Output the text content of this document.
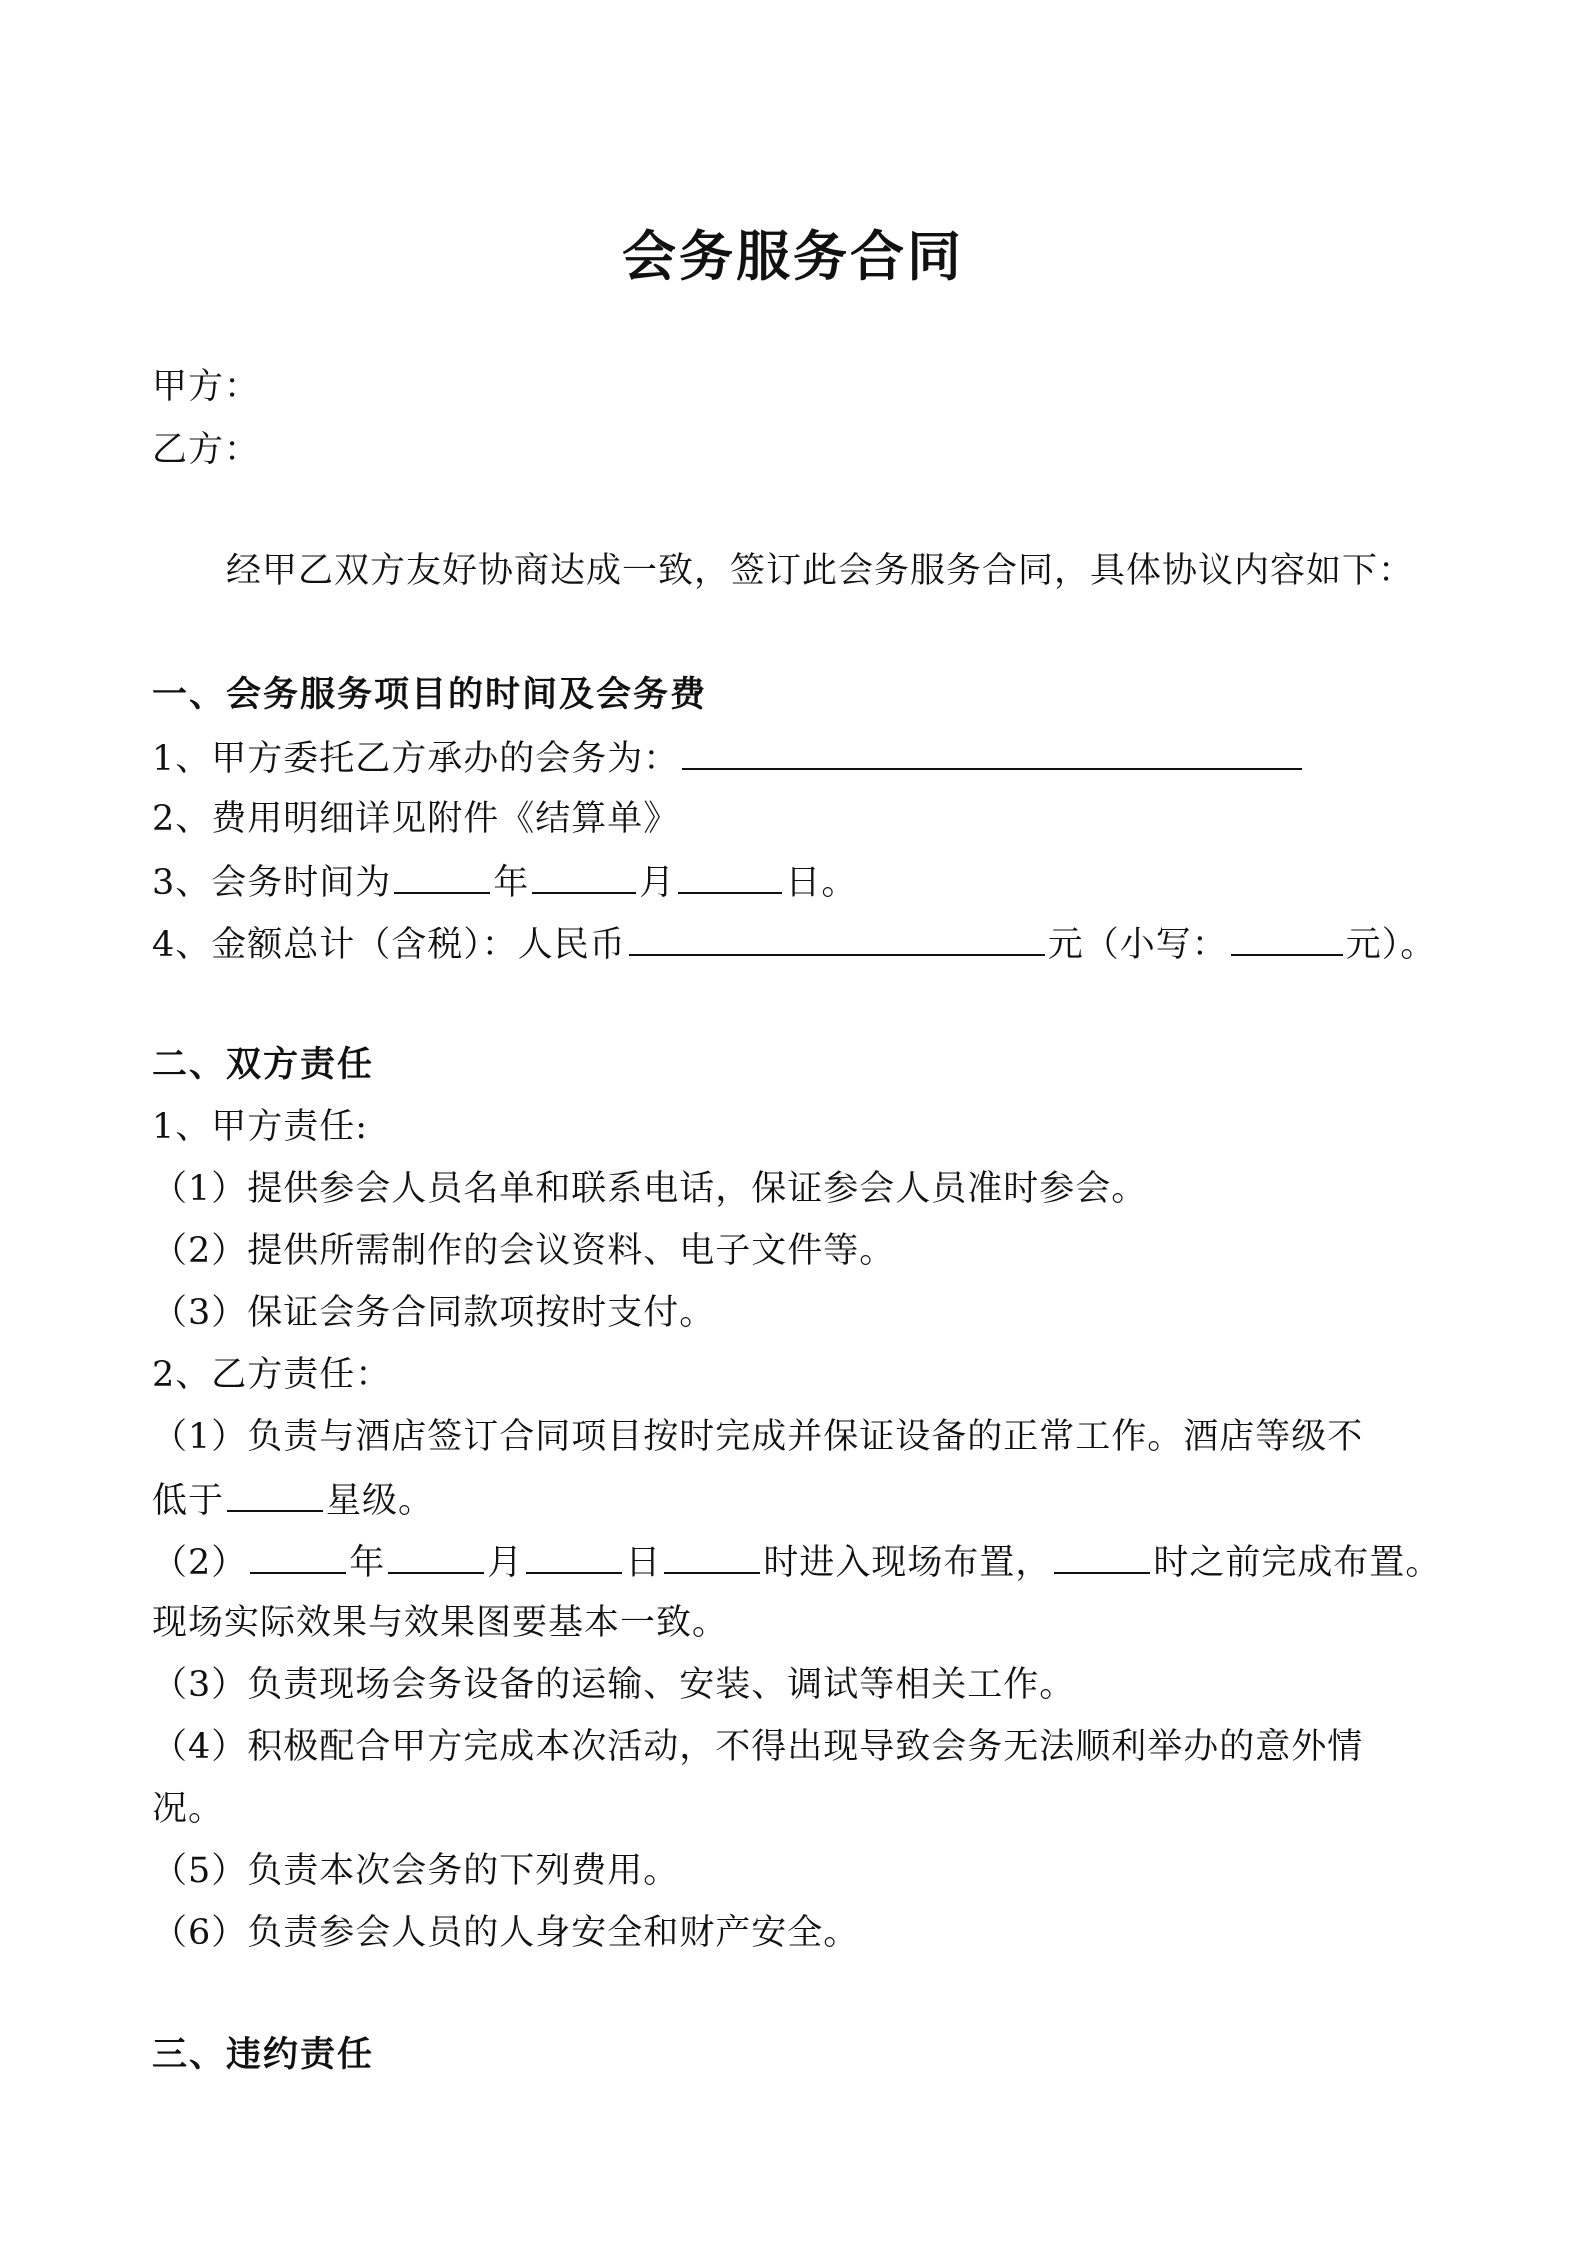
会务服务合同
甲方：
乙方：
经甲乙双方友好协商达成一致，签订此会务服务合同，具体协议内容如下：
一、会务服务项目的时间及会务费
1、甲方委托乙方承办的会务为：
2、费用明细详见附件《结算单》
3、会务时间为	年	月	日。
4、金额总计（含税）：人民币	元（小写：	元）。
二、双方责任
1、甲方责任:
（1）提供参会人员名单和联系电话，保证参会人员准时参会。
（2）提供所需制作的会议资料、电子文件等。
（3）保证会务合同款项按时支付。
2、乙方责任：
（1）负责与酒店签订合同项目按时完成并保证设备的正常工作。酒店等级不
低于	星级。
（2）	年	月	日	时进入现场布置，	时之前完成布置。
现场实际效果与效果图要基本一致。
（3）负责现场会务设备的运输、安装、调试等相关工作。
（4）积极配合甲方完成本次活动，不得出现导致会务无法顺利举办的意外情
况。
（5）负责本次会务的下列费用。
（6）负责参会人员的人身安全和财产安全。
三、违约责任
